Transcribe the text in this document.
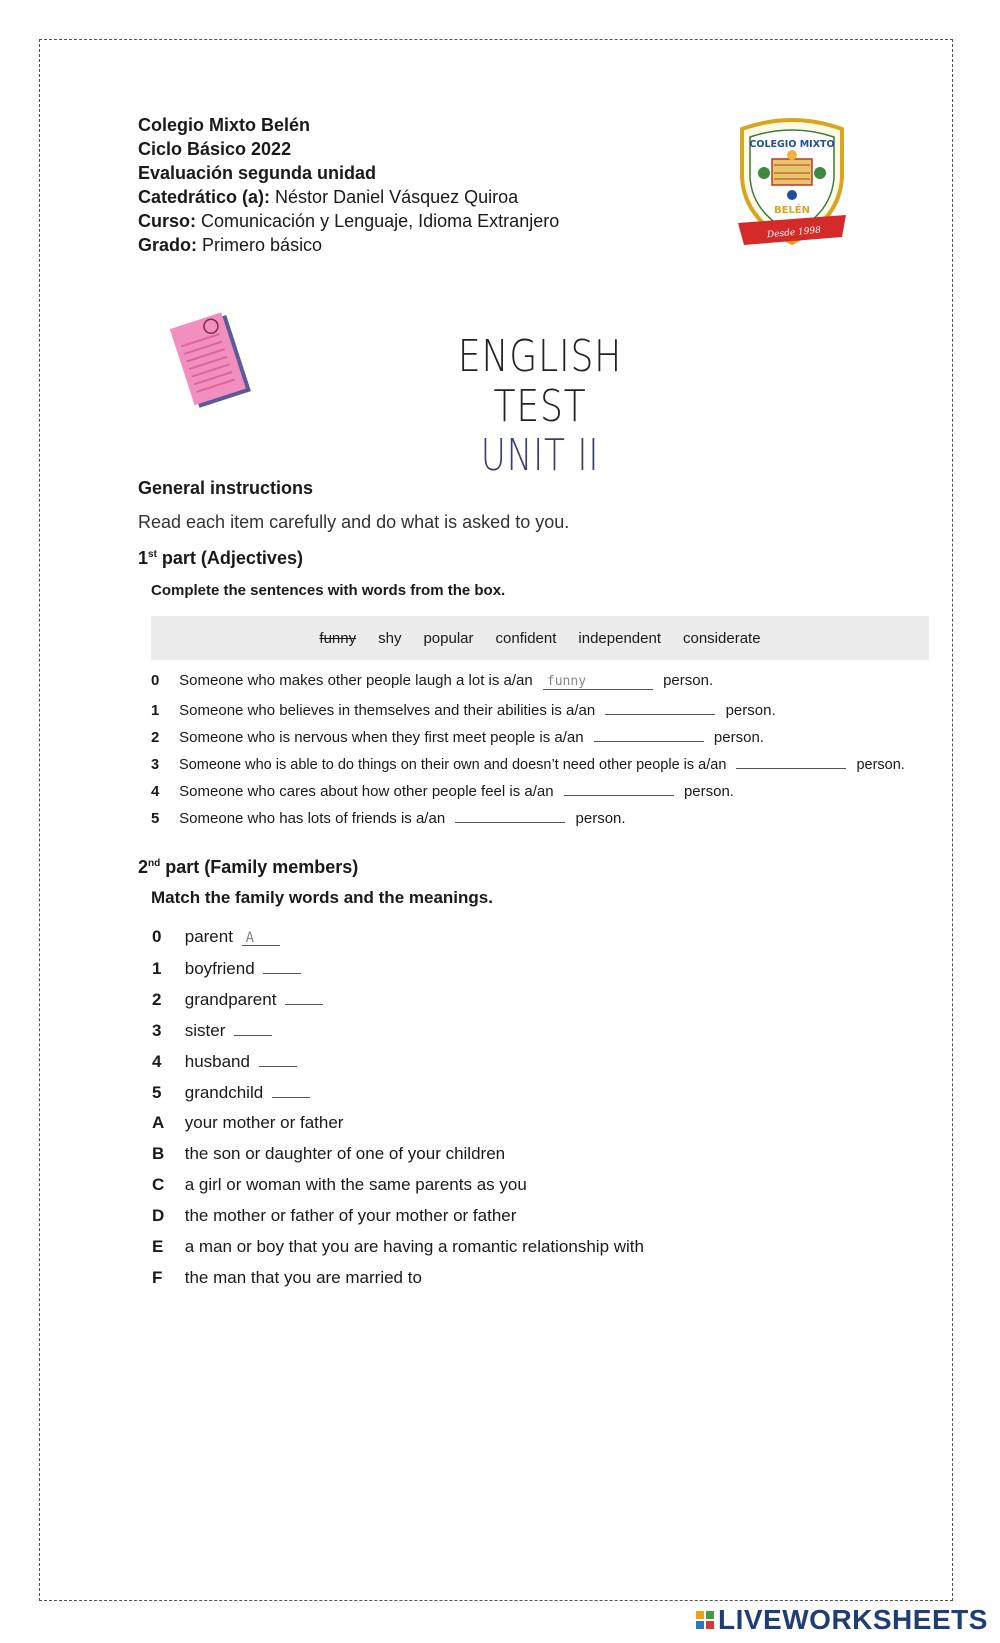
Colegio Mixto Belén
Ciclo Básico 2022
Evaluación segunda unidad
Catedrático (a): Néstor Daniel Vásquez Quiroa
Curso: Comunicación y Lenguaje, Idioma Extranjero
Grado: Primero básico
COLEGIO MIXTO
BELÉN
Desde 1998
ENGLISH TEST
UNIT II
General instructions
Read each item carefully and do what is asked to you.
1st part (Adjectives)
Complete the sentences with words from the box.
funny shy popular confident independent considerate
0 Someone who makes other people laugh a lot is a/an funny	person.
1 Someone who believes in themselves and their abilities is a/an	person.
2 Someone who is nervous when they first meet people is a/an	person.
3 Someone who is able to do things on their own and doesn’t need other people is a/an	person.
4 Someone who cares about how other people feel is a/an	person.
5 Someone who has lots of friends is a/an	person.
2nd part (Family members)
Match the family words and the meanings.
0 parent A
1 boyfriend
2 grandparent
3 sister
4 husband
5 grandchild
A your mother or father
B the son or daughter of one of your children
C a girl or woman with the same parents as you
D the mother or father of your mother or father
E a man or boy that you are having a romantic relationship with
F the man that you are married to
LIVEWORKSHEETS
